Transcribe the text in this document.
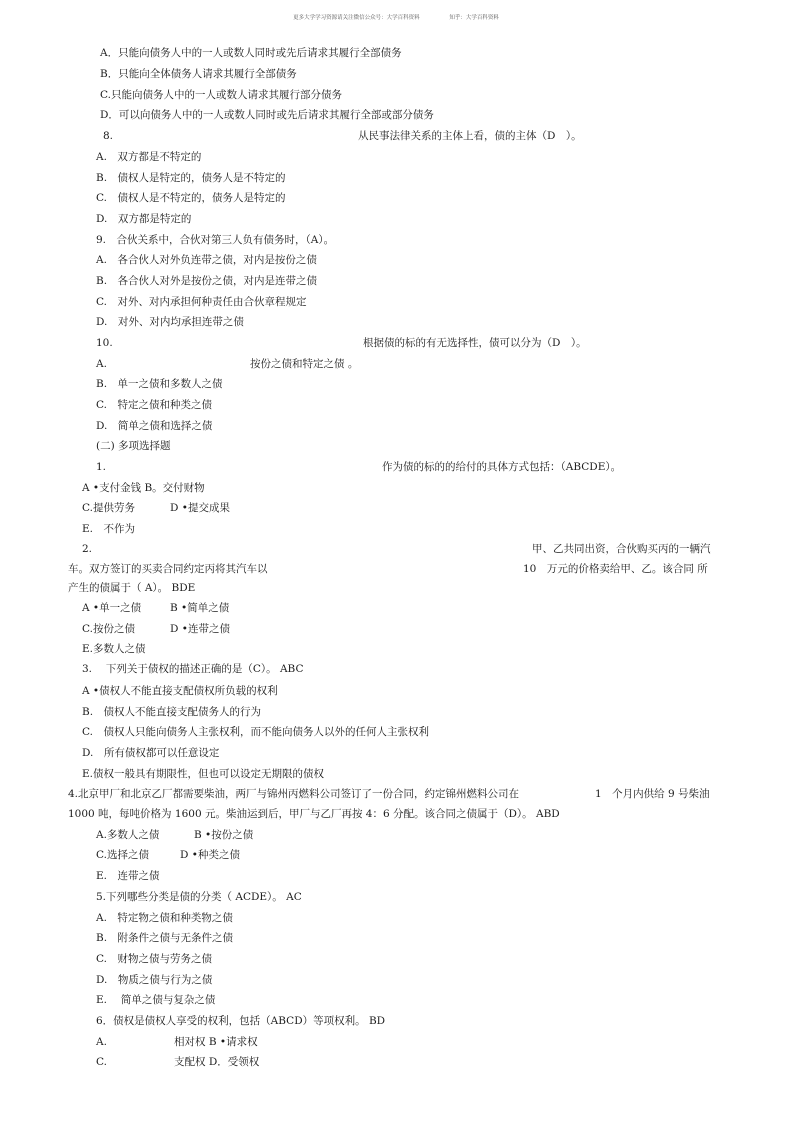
更多大学学习资源请关注微信公众号：大学百科资料	知乎：大学百科资料
A．只能向债务人中的一人或数人同时或先后请求其履行全部债务
B．只能向全体债务人请求其履行全部债务
C.只能向债务人中的一人或数人请求其履行部分债务
D．可以向债务人中的一人或数人同时或先后请求其履行全部或部分债务
8.	从民事法律关系的主体上看，债的主体（D　）。
A.　双方都是不特定的
B.　债权人是特定的，债务人是不特定的
C.　债权人是不特定的，债务人是特定的
D.　双方都是特定的
9.　合伙关系中，合伙对第三人负有债务时，（A）。
A.　各合伙人对外负连带之债，对内是按份之债
B.　各合伙人对外是按份之债，对内是连带之债
C.　对外、对内承担何种责任由合伙章程规定
D.　对外、对内均承担连带之债
10.	根据债的标的有无选择性，债可以分为（D　）。
A.	按份之债和特定之债 。
B.　单一之债和多数人之债
C.　特定之债和种类之债
D.　简单之债和选择之债
(二) 多项选择题
1.	作为债的标的的给付的具体方式包括：（ABCDE）。
A •支付金钱 B。交付财物
C.提供劳务	D •提交成果
E.　不作为
2.	甲、乙共同出资，合伙购买丙的一辆汽
车。双方签订的买卖合同约定丙将其汽车以	10　万元的价格卖给甲、乙。该合同 所
产生的债属于（ A）。 BDE
A •单一之债	B •简单之债
C.按份之债	D •连带之债
E.多数人之债
3.　 下列关于债权的描述正确的是（C）。 ABC
A •债权人不能直接支配债权所负载的权利
B.　债权人不能直接支配债务人的行为
C.　债权人只能向债务人主张权利，而不能向债务人以外的任何人主张权利
D.　所有债权都可以任意设定
E.债权一般具有期限性，但也可以设定无期限的债权
4.北京甲厂和北京乙厂都需要柴油，两厂与锦州丙燃料公司签订了一份合同，约定锦州燃料公司在	1　个月内供给 9 号柴油
1000 吨，每吨价格为 1600 元。柴油运到后，甲厂与乙厂再按 4：6 分配。该合同之债属于（D）。 ABD
A.多数人之债	B •按份之债
C.选择之债	D •种类之债
E.　连带之债
5.下列哪些分类是债的分类（ ACDE）。 AC
A.　特定物之债和种类物之债
B.　附条件之债与无条件之债
C.　财物之债与劳务之债
D.　物质之债与行为之债
E.　 简单之债与复杂之债
6．债权是债权人享受的权利，包括（ABCD）等项权利。 BD
A.	相对权 B •请求权
C.	支配权 D．受领权
